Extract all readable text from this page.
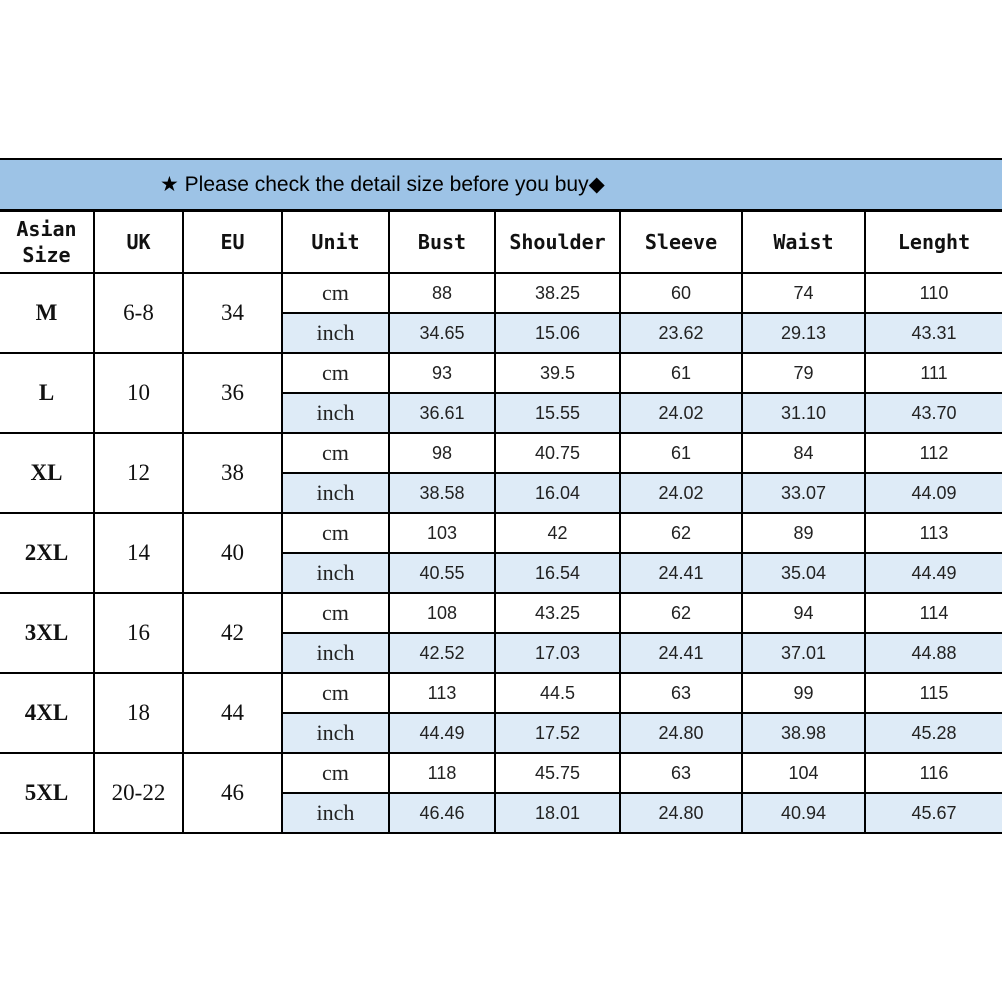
★ Please check the detail size before you buy◆
Asian Size	UK	EU	Unit	Bust	Shoulder	Sleeve	Waist	Lenght
M	6-8	34	cm	88	38.25	60	74	110
			inch	34.65	15.06	23.62	29.13	43.31
L	10	36	cm	93	39.5	61	79	111
			inch	36.61	15.55	24.02	31.10	43.70
XL	12	38	cm	98	40.75	61	84	112
			inch	38.58	16.04	24.02	33.07	44.09
2XL	14	40	cm	103	42	62	89	113
			inch	40.55	16.54	24.41	35.04	44.49
3XL	16	42	cm	108	43.25	62	94	114
			inch	42.52	17.03	24.41	37.01	44.88
4XL	18	44	cm	113	44.5	63	99	115
			inch	44.49	17.52	24.80	38.98	45.28
5XL	20-22	46	cm	118	45.75	63	104	116
			inch	46.46	18.01	24.80	40.94	45.67
